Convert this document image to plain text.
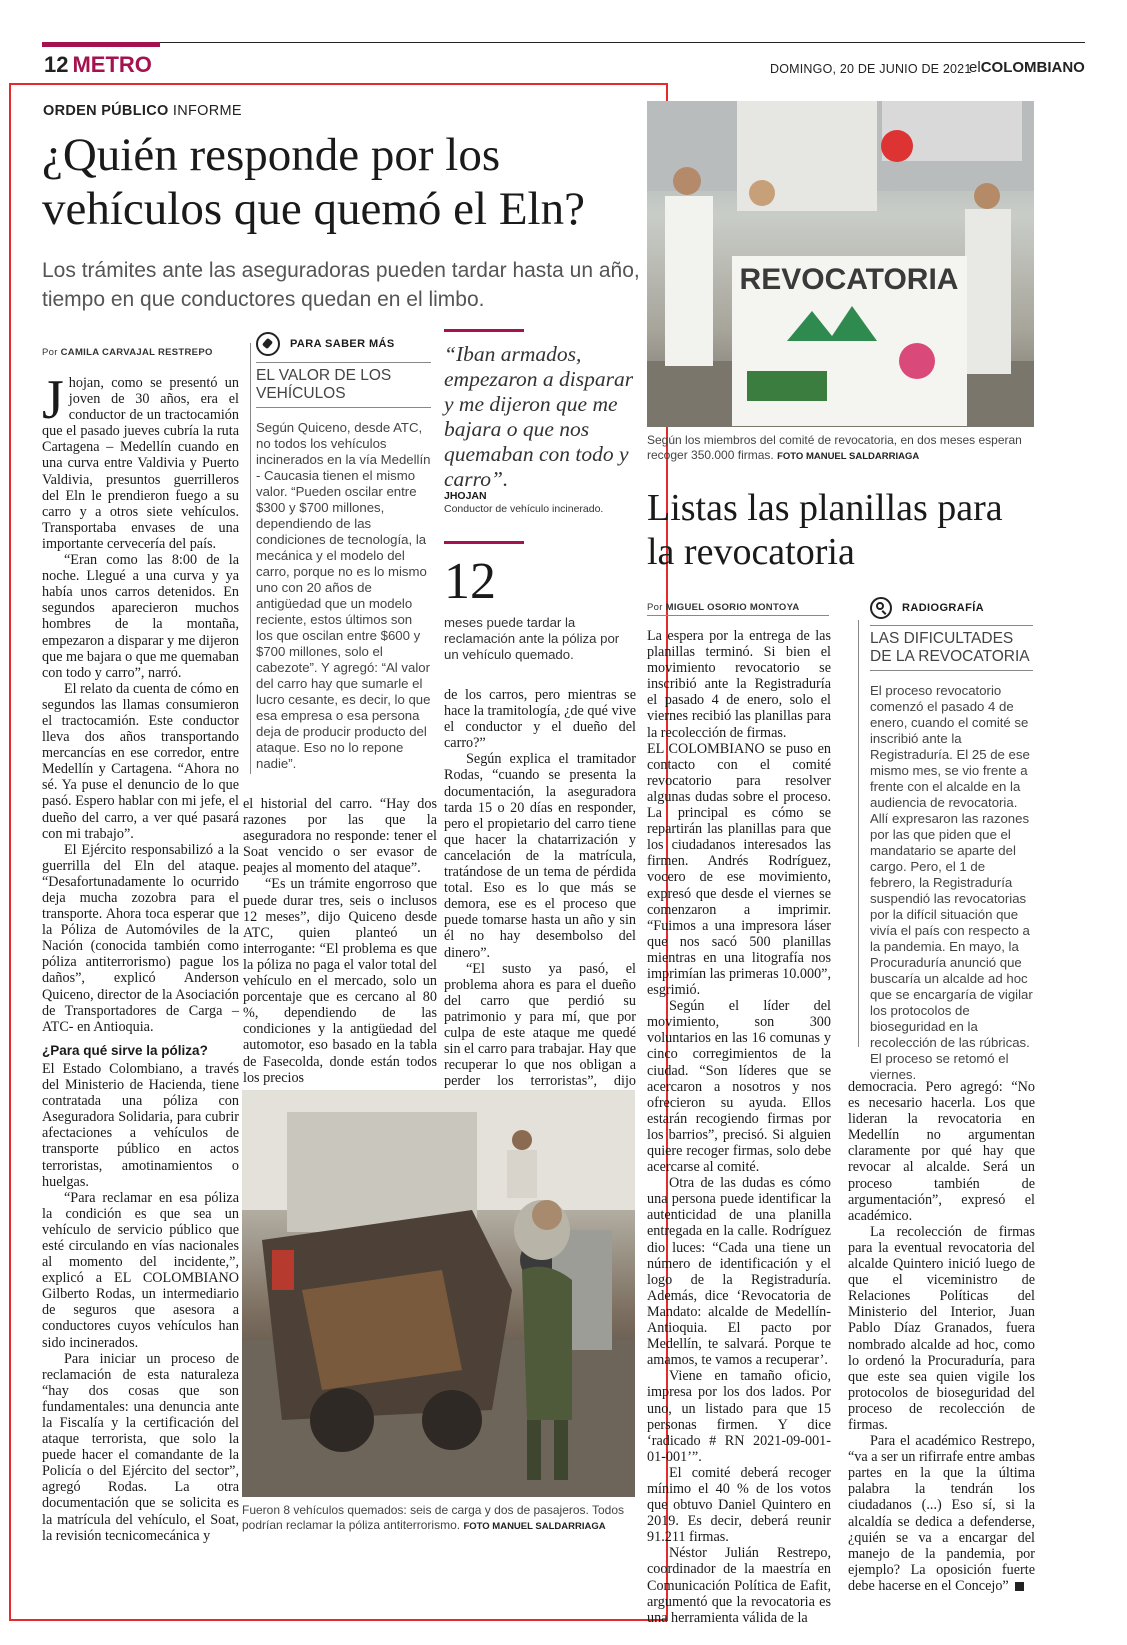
12 METRO	DOMINGO, 20 DE JUNIO DE 2021
elCOLOMBIANO
ORDEN PÚBLICO INFORME
¿Quién responde por los vehículos que quemó el Eln?
Los trámites ante las aseguradoras pueden tardar hasta un año, tiempo en que conductores quedan en el limbo.
Por CAMILA CARVAJAL RESTREPO

Jhojan, como se presentó un joven de 30 años, era el conductor de un tractocamión que el pasado jueves cubría la ruta Cartagena – Medellín cuando en una curva entre Valdivia y Puerto Valdivia, presuntos guerrilleros del Eln le prendieron fuego a su carro y a otros siete vehículos. Transportaba envases de una importante cervecería del país.

“Eran como las 8:00 de la noche. Llegué a una curva y ya había unos carros detenidos. En segundos aparecieron muchos hombres de la montaña, empezaron a disparar y me dijeron que me bajara o que me quemaban con todo y carro”, narró.

El relato da cuenta de cómo en segundos las llamas consumieron el tractocamión. Este conductor lleva dos años transportando mercancías en ese corredor, entre Medellín y Cartagena. “Ahora no sé. Ya puse el denuncio de lo que pasó. Espero hablar con mi jefe, el dueño del carro, a ver qué pasará con mi trabajo”.

El Ejército responsabilizó a la guerrilla del Eln del ataque. “Desafortunadamente lo ocurrido deja mucha zozobra para el transporte. Ahora toca esperar que la Póliza de Automóviles de la Nación (conocida también como póliza antiterrorismo) pague los daños”, explicó Anderson Quiceno, director de la Asociación de Transportadores de Carga – ATC- en Antioquia.

¿Para qué sirve la póliza?

El Estado Colombiano, a través del Ministerio de Hacienda, tiene contratada una póliza con Aseguradora Solidaria, para cubrir afectaciones a vehículos de transporte público en actos terroristas, amotinamientos o huelgas.

“Para reclamar en esa póliza la condición es que sea un vehículo de servicio público que esté circulando en vías nacionales al momento del incidente,”, explicó a EL COLOMBIANO Gilberto Rodas, un intermediario de seguros que asesora a conductores cuyos vehículos han sido incinerados.

Para iniciar un proceso de reclamación de esta naturaleza “hay dos cosas que son fundamentales: una denuncia ante la Fiscalía y la certificación del ataque terrorista, que solo la puede hacer el comandante de la Policía o del Ejército del sector”, agregó Rodas. La otra documentación que se solicita es la matrícula del vehículo, el Soat, la revisión tecnicomecánica y

PARA SABER MÁS
EL VALOR DE LOS VEHÍCULOS

Según Quiceno, desde ATC, no todos los vehículos incinerados en la vía Medellín - Caucasia tienen el mismo valor. “Pueden oscilar entre $300 y $700 millones, dependiendo de las condiciones de tecnología, la mecánica y el modelo del carro, porque no es lo mismo uno con 20 años de antigüedad que un modelo reciente, estos últimos son los que oscilan entre $600 y $700 millones, solo el cabezote”. Y agregó: “Al valor del carro hay que sumarle el lucro cesante, es decir, lo que esa empresa o esa persona deja de producir producto del ataque. Eso no lo repone nadie”.

el historial del carro. “Hay dos razones por las que la aseguradora no responde: tener el Soat vencido o ser evasor de peajes al momento del ataque”.

“Es un trámite engorroso que puede durar tres, seis o inclusos 12 meses”, dijo Quiceno desde ATC, quien planteó un interrogante: “El problema es que la póliza no paga el valor total del vehículo en el mercado, solo un porcentaje que es cercano al 80 %, dependiendo de las condiciones y la antigüedad del automotor, eso basado en la tabla de Fasecolda, donde están todos los precios

“Iban armados, empezaron a disparar y me dijeron que me bajara o que nos quemaban con todo y carro”.
JHOJAN
Conductor de vehículo incinerado.
12
meses puede tardar la reclamación ante la póliza por un vehículo quemado.

de los carros, pero mientras se hace la tramitología, ¿de qué vive el conductor y el dueño del carro?”

Según explica el tramitador Rodas, “cuando se presenta la documentación, la aseguradora tarda 15 o 20 días en responder, pero el propietario del carro tiene que hacer la chatarrización y cancelación de la matrícula, tratándose de un tema de pérdida total. Eso es lo que más se demora, ese es el proceso que puede tomarse hasta un año y sin él no hay desembolso del dinero”.

“El susto ya pasó, el problema ahora es para el dueño del carro que perdió su patrimonio y para mí, que por culpa de este ataque me quedé sin el carro para trabajar. Hay que recuperar lo que nos obligan a perder los terroristas”, dijo

Fueron 8 vehículos quemados: seis de carga y dos de pasajeros. Todos podrían reclamar la póliza antiterrorismo. FOTO MANUEL SALDARRIAGA
REVOCATORIA
Según los miembros del comité de revocatoria, en dos meses esperan recoger 350.000 firmas. FOTO MANUEL SALDARRIAGA
Listas las planillas para la revocatoria
Por MIGUEL OSORIO MONTOYA

La espera por la entrega de las planillas terminó. Si bien el movimiento revocatorio se inscribió ante la Registraduría el pasado 4 de enero, solo el viernes recibió las planillas para la recolección de firmas.

EL COLOMBIANO se puso en contacto con el comité revocatorio para resolver algunas dudas sobre el proceso. La principal es cómo se repartirán las planillas para que los ciudadanos interesados las firmen. Andrés Rodríguez, vocero de ese movimiento, expresó que desde el viernes se comenzaron a imprimir. “Fuimos a una impresora láser que nos sacó 500 planillas mientras en una litografía nos imprimían las primeras 10.000”, esgrimió.

Según el líder del movimiento, son 300 voluntarios en las 16 comunas y cinco corregimientos de la ciudad. “Son líderes que se acercaron a nosotros y nos ofrecieron su ayuda. Ellos estarán recogiendo firmas por los barrios”, precisó. Si alguien quiere recoger firmas, solo debe acercarse al comité.

Otra de las dudas es cómo una persona puede identificar la autenticidad de una planilla entregada en la calle. Rodríguez dio luces: “Cada una tiene un número de identificación y el logo de la Registraduría. Además, dice ‘Revocatoria de Mandato: alcalde de Medellín-Antioquia. El pacto por Medellín, te salvará. Porque te amamos, te vamos a recuperar’.

Viene en tamaño oficio, impresa por los dos lados. Por uno, un listado para que 15 personas firmen. Y dice ‘radicado # RN 2021-09-001-01-001’”.

El comité deberá recoger mínimo el 40 % de los votos que obtuvo Daniel Quintero en 2019. Es decir, deberá reunir 91.211 firmas.

Néstor Julián Restrepo, coordinador de la maestría en Comunicación Política de Eafit, argumentó que la revocatoria es una herramienta válida de la

RADIOGRAFÍA
LAS DIFICULTADES DE LA REVOCATORIA

El proceso revocatorio comenzó el pasado 4 de enero, cuando el comité se inscribió ante la Registraduría. El 25 de ese mismo mes, se vio frente a frente con el alcalde en la audiencia de revocatoria. Allí expresaron las razones por las que piden que el mandatario se aparte del cargo. Pero, el 1 de febrero, la Registraduría suspendió las revocatorias por la difícil situación que vivía el país con respecto a la pandemia. En mayo, la Procuraduría anunció que buscaría un alcalde ad hoc que se encargaría de vigilar los protocolos de bioseguridad en la recolección de las rúbricas. El proceso se retomó el viernes.

democracia. Pero agregó: “No es necesario hacerla. Los que lideran la revocatoria en Medellín no argumentan claramente por qué hay que revocar al alcalde. Será un proceso también de argumentación”, expresó el académico.

La recolección de firmas para la eventual revocatoria del alcalde Quintero inició luego de que el viceministro de Relaciones Políticas del Ministerio del Interior, Juan Pablo Díaz Granados, fuera nombrado alcalde ad hoc, como lo ordenó la Procuraduría, para que este sea quien vigile los protocolos de bioseguridad del proceso de recolección de firmas.

Para el académico Restrepo, “va a ser un rifirrafe entre ambas partes en la que la última palabra la tendrán los ciudadanos (...) Eso sí, si la alcaldía se dedica a defenderse, ¿quién se va a encargar del manejo de la pandemia, por ejemplo? La oposición fuerte debe hacerse en el Concejo”
